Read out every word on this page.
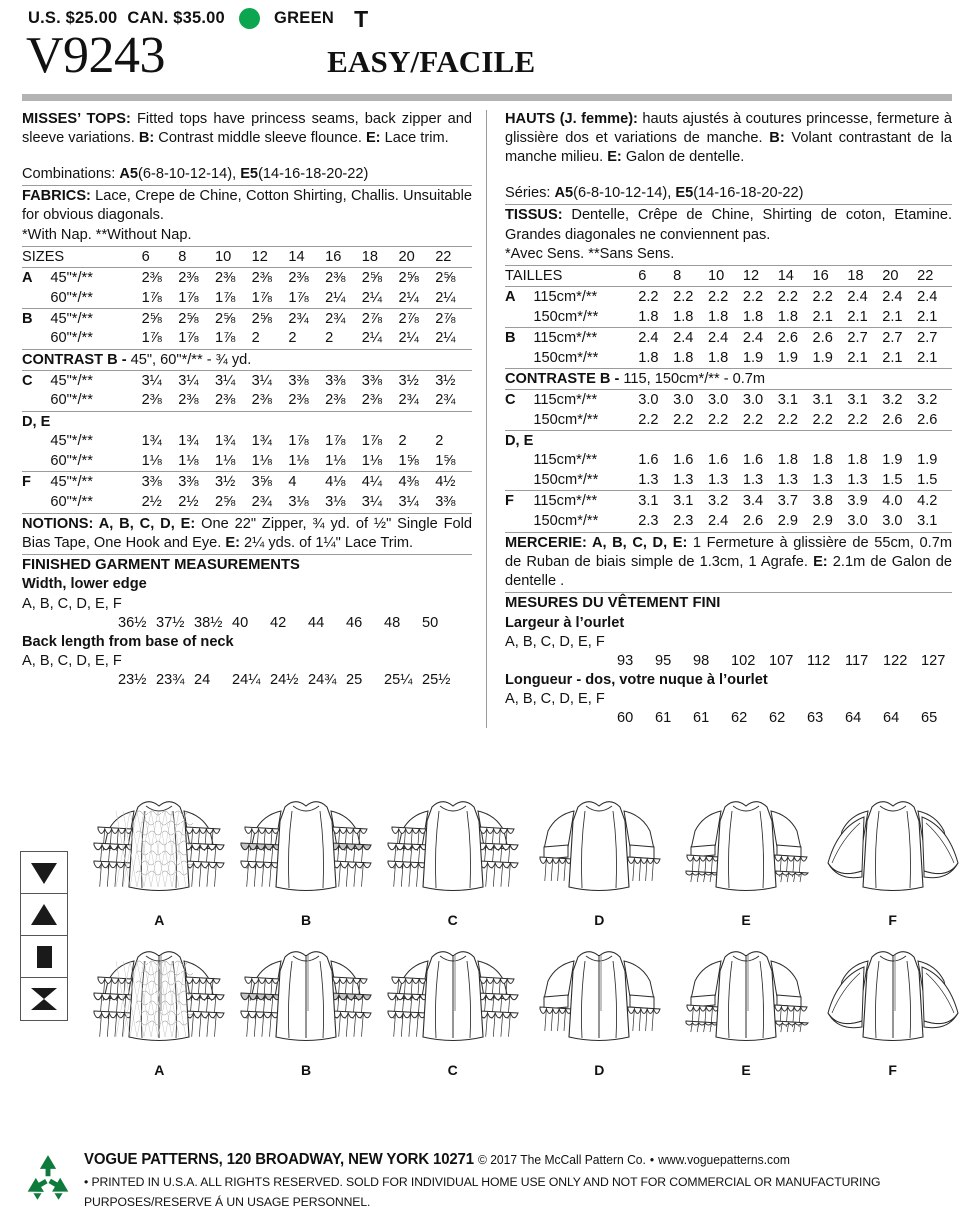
U.S. $25.00 CAN. $35.00	GREEN T
V9243	EASY/FACILE

MISSES’ TOPS: Fitted tops have princess seams, back zipper and sleeve variations. B: Contrast middle sleeve flounce. E: Lace trim.

Combinations: A5(6-8-10-12-14), E5(14-16-18-20-22)

FABRICS: Lace, Crepe de Chine, Cotton Shirting, Challis. Unsuitable for obvious diagonals.

*With Nap. **Without Nap.

SIZES		6	8	10	12	14	16	18	20	22
A	45"*/**	2⅜	2⅜	2⅜	2⅜	2⅜	2⅜	2⅝	2⅝	2⅝
	60"*/**	1⅞	1⅞	1⅞	1⅞	1⅞	2¼	2¼	2¼	2¼
B	45"*/**	2⅝	2⅝	2⅝	2⅝	2¾	2¾	2⅞	2⅞	2⅞
	60"*/**	1⅞	1⅞	1⅞	2	2	2	2¼	2¼	2¼
CONTRAST B - 45", 60"*/** - ¾ yd.										
C	45"*/**	3¼	3¼	3¼	3¼	3⅜	3⅜	3⅜	3½	3½
	60"*/**	2⅜	2⅜	2⅜	2⅜	2⅜	2⅜	2⅜	2¾	2¾
D, E										
	45"*/**	1¾	1¾	1¾	1¾	1⅞	1⅞	1⅞	2	2
	60"*/**	1⅛	1⅛	1⅛	1⅛	1⅛	1⅛	1⅛	1⅝	1⅝
F	45"*/**	3⅜	3⅜	3½	3⅝	4	4⅛	4¼	4⅜	4½
	60"*/**	2½	2½	2⅝	2¾	3⅛	3⅛	3¼	3¼	3⅜

NOTIONS: A, B, C, D, E: One 22" Zipper, ¾ yd. of ½" Single Fold Bias Tape, One Hook and Eye. E: 2¼ yds. of 1¼" Lace Trim.

FINISHED GARMENT MEASUREMENTS

Width, lower edge

A, B, C, D, E, F

36½ 37½ 38½ 40 42 44 46 48 50

Back length from base of neck

A, B, C, D, E, F

23½ 23¾ 24 24¼ 24½ 24¾ 25 25¼ 25½

HAUTS (J. femme): hauts ajustés à coutures princesse, fermeture à glissière dos et variations de manche. B: Volant contrastant de la manche milieu. E: Galon de dentelle.

Séries: A5(6-8-10-12-14), E5(14-16-18-20-22)

TISSUS: Dentelle, Crêpe de Chine, Shirting de coton, Etamine. Grandes diagonales ne conviennent pas.

*Avec Sens. **Sans Sens.

TAILLES		6	8	10	12	14	16	18	20	22
A	115cm*/**	2.2	2.2	2.2	2.2	2.2	2.2	2.4	2.4	2.4
	150cm*/**	1.8	1.8	1.8	1.8	1.8	2.1	2.1	2.1	2.1
B	115cm*/**	2.4	2.4	2.4	2.4	2.6	2.6	2.7	2.7	2.7
	150cm*/**	1.8	1.8	1.8	1.9	1.9	1.9	2.1	2.1	2.1
CONTRASTE B - 115, 150cm*/** - 0.7m										
C	115cm*/**	3.0	3.0	3.0	3.0	3.1	3.1	3.1	3.2	3.2
	150cm*/**	2.2	2.2	2.2	2.2	2.2	2.2	2.2	2.6	2.6
D, E										
	115cm*/**	1.6	1.6	1.6	1.6	1.8	1.8	1.8	1.9	1.9
	150cm*/**	1.3	1.3	1.3	1.3	1.3	1.3	1.3	1.5	1.5
F	115cm*/**	3.1	3.1	3.2	3.4	3.7	3.8	3.9	4.0	4.2
	150cm*/**	2.3	2.3	2.4	2.6	2.9	2.9	3.0	3.0	3.1

MERCERIE: A, B, C, D, E: 1 Fermeture à glissière de 55cm, 0.7m de Ruban de biais simple de 1.3cm, 1 Agrafe. E: 2.1m de Galon de dentelle .

MESURES DU VÊTEMENT FINI

Largeur à l’ourlet

A, B, C, D, E, F

93 95 98 102 107 112 117 122 127

Longueur - dos, votre nuque à l’ourlet

A, B, C, D, E, F

60 61 61 62 62 63 64 64 65

A	B	C	D	E	F
A	B	C	D	E	F
VOGUE PATTERNS, 120 BROADWAY, NEW YORK 10271 © 2017 The McCall Pattern Co. • www.voguepatterns.com
• PRINTED IN U.S.A. ALL RIGHTS RESERVED. SOLD FOR INDIVIDUAL HOME USE ONLY AND NOT FOR COMMERCIAL OR MANUFACTURING
PURPOSES/RESERVE Á UN USAGE PERSONNEL.
